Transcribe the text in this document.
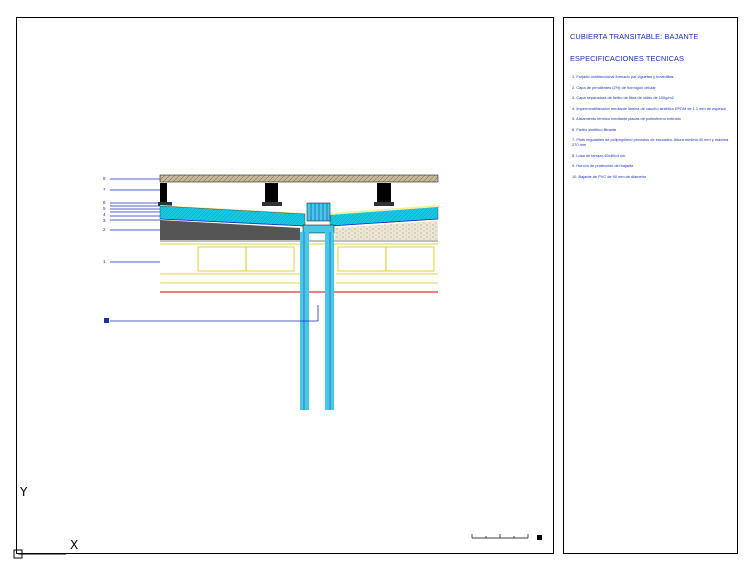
CUBIERTA TRANSITABLE: BAJANTE
ESPECIFICACIONES TECNICAS
1. Forjado unidireccional formado por viguetas y bovedillas
2. Capa de pendientes (2%) de hormigón celular
3. Capa separadora de fieltro de fibra de vidrio de 100g/m2
4. Impermeabilización mediante lámina de caucho sintético EPDM de 1.1 mm de espesor
5. Aislamiento térmico mediante placas de poliestireno extruido
6. Fieltro sintético filtrante
7. Plots regulables de polipropileno provistos de escuadra. Altura mínima 40 mm y máxima 270 mm
8. Losa de terrazo 60x60x4 cm
9. Horcón de protección del bajante
10. Bajante de PVC de 90 mm de diámetro
8
7
6
5
4
3
2
1
Y
X
